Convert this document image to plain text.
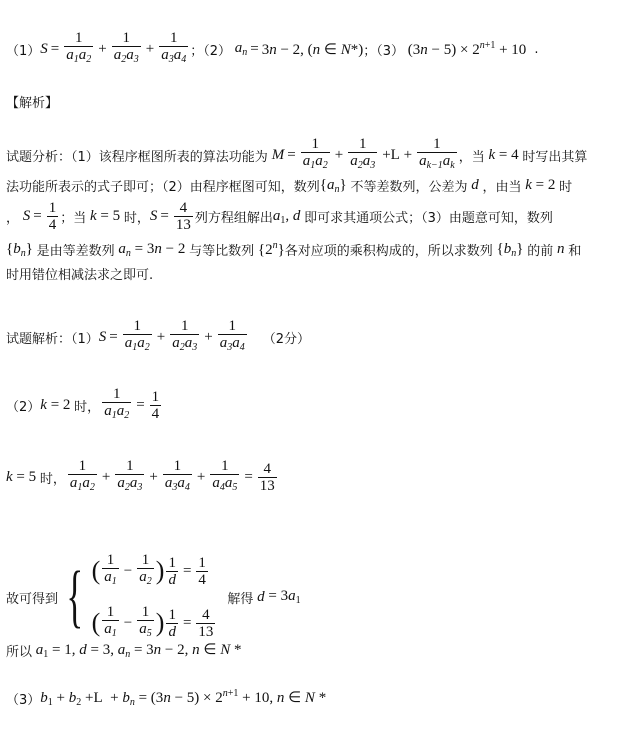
（1） $S = \frac{1}{a_1a_2} + \frac{1}{a_2a_3} + \frac{1}{a_3a_4}$ ；（2） $a_n = 3n - 2$, (n ∈ N*) ；（3） $(3n - 5) \times 2^{n+1} + 10$ .
【解析】
试题分析：（1）该程序框图所表的算法功能为 $M = \frac{1}{a_1a_2} + \frac{1}{a_2a_3} +L + \frac{1}{a_{k-1}a_k}$ ，当 k = 4 时写出其算
法功能所表示的式子即可；（2）由程序框图可知，数列 $\{a_n\}$ 不等差数列，公差为 d ，由当 k = 2 时
， $S = \frac{1}{4}$ ；当 k = 5 时， $S = \frac{4}{13}$ 列方程组解出 $a_1$, d 即可求其通项公式；（3）由题意可知，数列
$\{b_n\}$ 是由等差数列 $a_n = 3n - 2$ 与等比数列 {2$^n$} 各对应项的乘积构成的，所以求数列 $\{b_n\}$ 的前 n 和
时用错位相减法求之即可.
试题解析：（1） $S = \frac{1}{a_1a_2} + \frac{1}{a_2a_3} + \frac{1}{a_3a_4} (2$分）
（2） k = 2 时， $\frac{1}{a_1a_2} = \frac{1}{4}$
k = 5 时， $\frac{1}{a_1a_2} + \frac{1}{a_2a_3} + \frac{1}{a_3a_4} + \frac{1}{a_4a_5} = \frac{4}{13}$
故可得到 { ( $\frac{1}{a_1} - \frac{1}{a_2}$ ) $\frac{1}{d} = \frac{1}{4}$
( $\frac{1}{a_1} - \frac{1}{a_5}$ ) $\frac{1}{d} = \frac{4}{13}$
解得 $d = 3a_1$
所以 $a_1 = 1$, d = 3, $a_n = 3n - 2$, n ∈ N *
（3） $b_1 + b_2 +L + b_n = (3n - 5) \times 2^{n+1} + 10$, n ∈ N *
